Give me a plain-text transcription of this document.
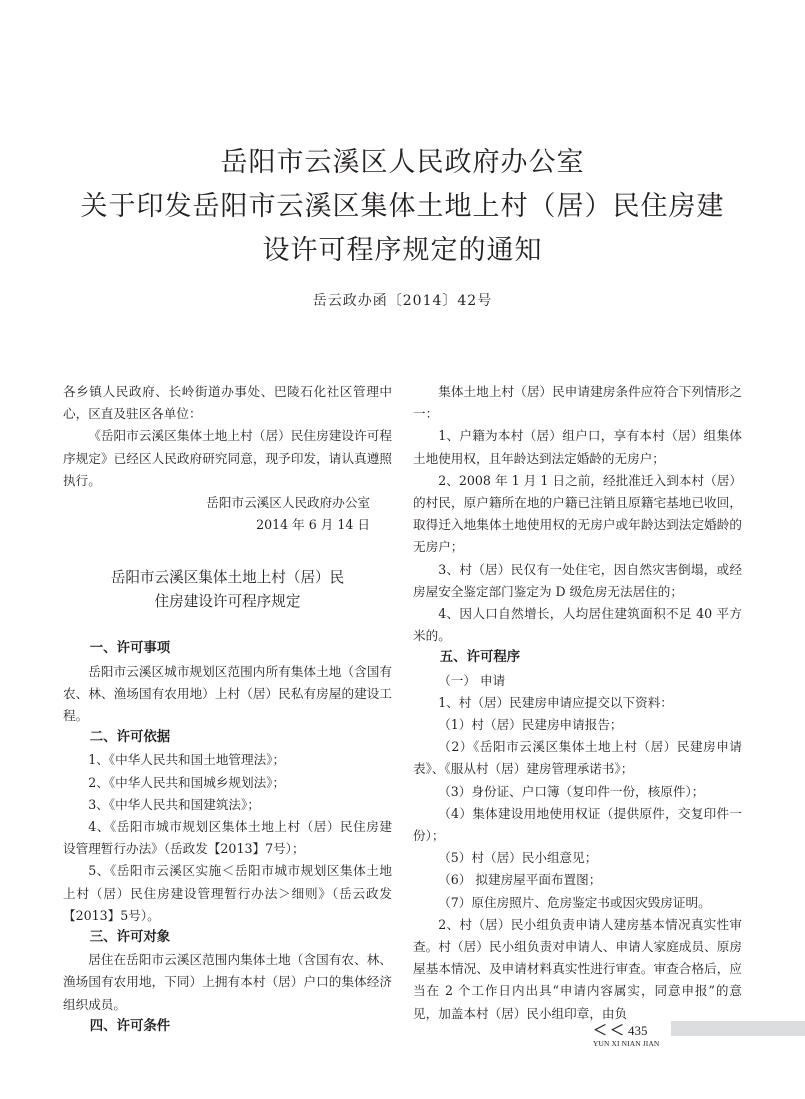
岳阳市云溪区人民政府办公室
关于印发岳阳市云溪区集体土地上村（居）民住房建
设许可程序规定的通知
岳云政办函〔2014〕42号

各乡镇人民政府、长岭街道办事处、巴陵石化社区管理中心，区直及驻区各单位：

《岳阳市云溪区集体土地上村（居）民住房建设许可程序规定》已经区人民政府研究同意，现予印发，请认真遵照执行。

岳阳市云溪区人民政府办公室

2014 年 6 月 14 日

岳阳市云溪区集体土地上村（居）民
住房建设许可程序规定

一、许可事项

岳阳市云溪区城市规划区范围内所有集体土地（含国有农、林、渔场国有农用地）上村（居）民私有房屋的建设工程。

二、许可依据

1、《中华人民共和国土地管理法》；

2、《中华人民共和国城乡规划法》；

3、《中华人民共和国建筑法》；

4、《岳阳市城市规划区集体土地上村（居）民住房建设管理暂行办法》（岳政发【2013】7号）；

5、《岳阳市云溪区实施＜岳阳市城市规划区集体土地上村（居）民住房建设管理暂行办法＞细则》（岳云政发【2013】5号）。

三、许可对象

居住在岳阳市云溪区范围内集体土地（含国有农、林、渔场国有农用地，下同）上拥有本村（居）户口的集体经济组织成员。

四、许可条件

集体土地上村（居）民申请建房条件应符合下列情形之一：

1、户籍为本村（居）组户口，享有本村（居）组集体土地使用权，且年龄达到法定婚龄的无房户；

2、2008 年 1 月 1 日之前，经批准迁入到本村（居）的村民，原户籍所在地的户籍已注销且原籍宅基地已收回，取得迁入地集体土地使用权的无房户或年龄达到法定婚龄的无房户；

3、村（居）民仅有一处住宅，因自然灾害倒塌，或经房屋安全鉴定部门鉴定为 D 级危房无法居住的；

4、因人口自然增长，人均居住建筑面积不足 40 平方米的。

五、许可程序

（一） 申请

1、村（居）民建房申请应提交以下资料：

（1）村（居）民建房申请报告；

（2）《岳阳市云溪区集体土地上村（居）民建房申请表》、《服从村（居）建房管理承诺书》；

（3）身份证、户口簿（复印件一份，核原件）；

（4）集体建设用地使用权证（提供原件，交复印件一份）；

（5）村（居）民小组意见；

（6） 拟建房屋平面布置图；

（7）原住房照片、危房鉴定书或因灾毁房证明。

2、村（居）民小组负责申请人建房基本情况真实性审查。村（居）民小组负责对申请人、申请人家庭成员、原房屋基本情况、及申请材料真实性进行审查。审查合格后，应当在 2 个工作日内出具“申请内容属实，同意申报”的意见，加盖本村（居）民小组印章，由负

＜＜435
YUN XI NIAN JIAN
